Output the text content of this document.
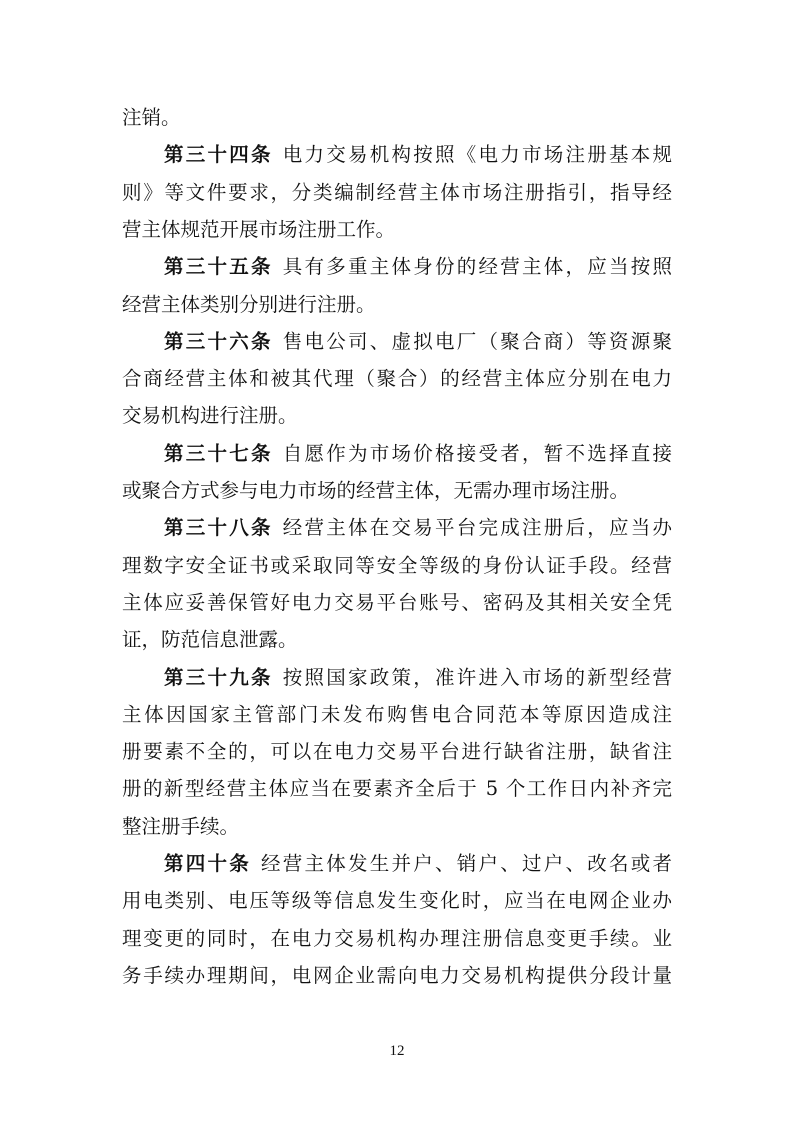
注销。
第三十四条 电力交易机构按照《电力市场注册基本规
则》等文件要求，分类编制经营主体市场注册指引，指导经
营主体规范开展市场注册工作。
第三十五条 具有多重主体身份的经营主体，应当按照
经营主体类别分别进行注册。
第三十六条 售电公司、虚拟电厂（聚合商）等资源聚
合商经营主体和被其代理（聚合）的经营主体应分别在电力
交易机构进行注册。
第三十七条 自愿作为市场价格接受者，暂不选择直接
或聚合方式参与电力市场的经营主体，无需办理市场注册。
第三十八条 经营主体在交易平台完成注册后，应当办
理数字安全证书或采取同等安全等级的身份认证手段。经营
主体应妥善保管好电力交易平台账号、密码及其相关安全凭
证，防范信息泄露。
第三十九条 按照国家政策，准许进入市场的新型经营
主体因国家主管部门未发布购售电合同范本等原因造成注
册要素不全的，可以在电力交易平台进行缺省注册，缺省注
册的新型经营主体应当在要素齐全后于 5 个工作日内补齐完
整注册手续。
第四十条 经营主体发生并户、销户、过户、改名或者
用电类别、电压等级等信息发生变化时，应当在电网企业办
理变更的同时，在电力交易机构办理注册信息变更手续。业
务手续办理期间，电网企业需向电力交易机构提供分段计量
12
